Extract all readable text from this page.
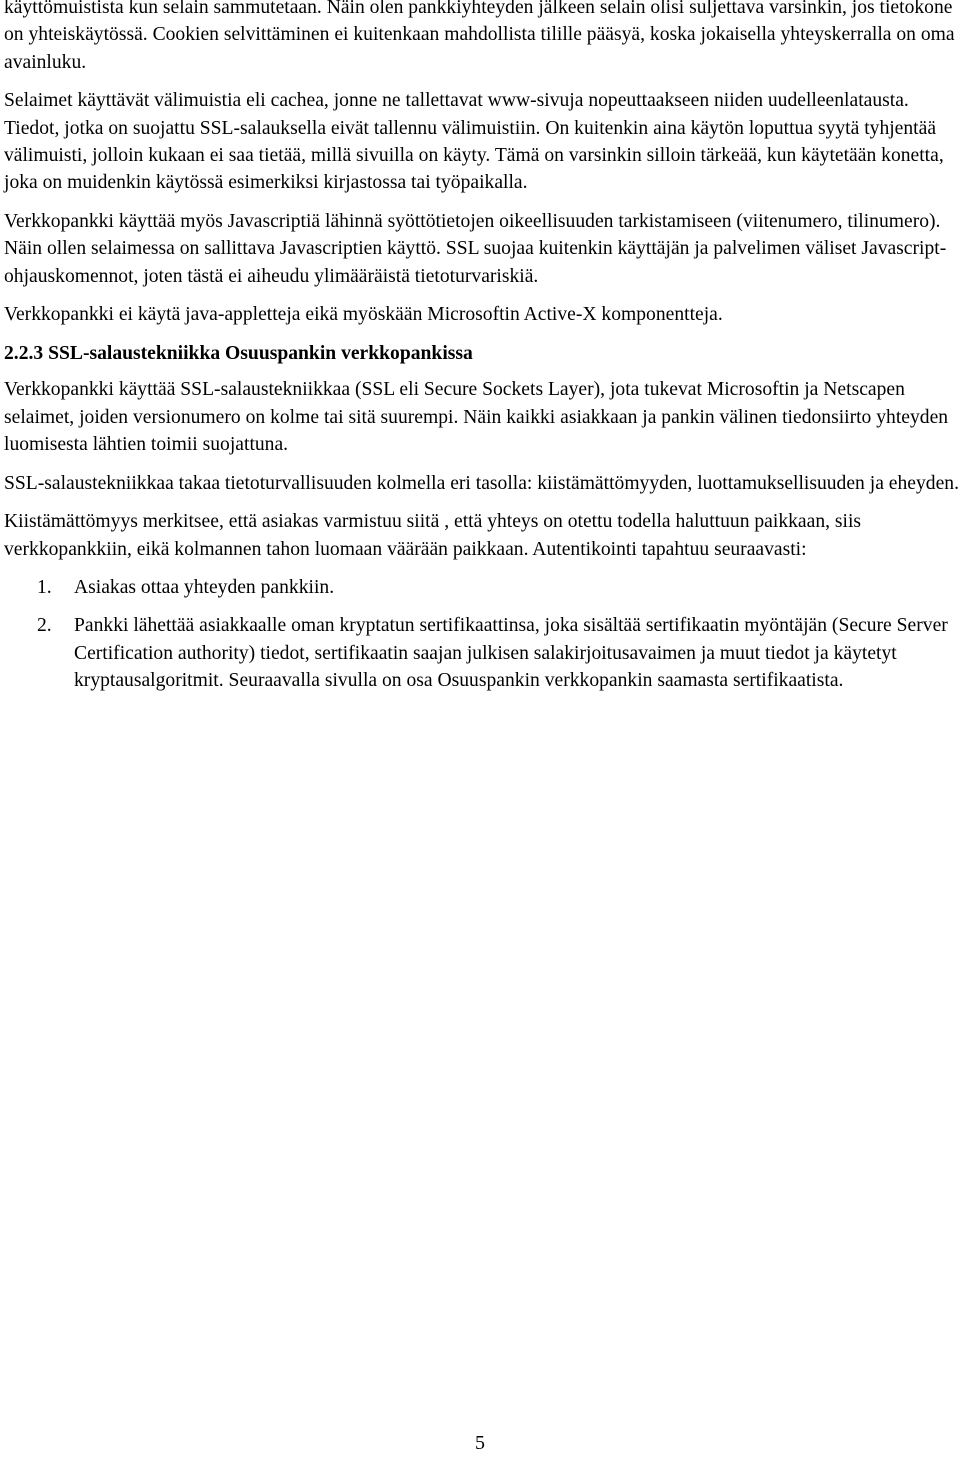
käyttömuistista kun selain sammutetaan. Näin olen pankkiyhteyden jälkeen selain olisi suljettava varsinkin, jos tietokone on yhteiskäytössä. Cookien selvittäminen ei kuitenkaan mahdollista tilille pääsyä, koska jokaisella yhteyskerralla on oma avainluku.

Selaimet käyttävät välimuistia eli cachea, jonne ne tallettavat www-sivuja nopeuttaakseen niiden uudelleenlatausta. Tiedot, jotka on suojattu SSL-salauksella eivät tallennu välimuistiin. On kuitenkin aina käytön loputtua syytä tyhjentää välimuisti, jolloin kukaan ei saa tietää, millä sivuilla on käyty. Tämä on varsinkin silloin tärkeää, kun käytetään konetta, joka on muidenkin käytössä esimerkiksi kirjastossa tai työpaikalla.

Verkkopankki käyttää myös Javascriptiä lähinnä syöttötietojen oikeellisuuden tarkistamiseen (viitenumero, tilinumero). Näin ollen selaimessa on sallittava Javascriptien käyttö. SSL suojaa kuitenkin käyttäjän ja palvelimen väliset Javascript-ohjauskomennot, joten tästä ei aiheudu ylimääräistä tietoturvariskiä.

Verkkopankki ei käytä java-appletteja eikä myöskään Microsoftin Active-X komponentteja.

2.2.3 SSL-salaustekniikka Osuuspankin verkkopankissa

Verkkopankki käyttää SSL-salaustekniikkaa (SSL eli Secure Sockets Layer), jota tukevat Microsoftin ja Netscapen selaimet, joiden versionumero on kolme tai sitä suurempi. Näin kaikki asiakkaan ja pankin välinen tiedonsiirto yhteyden luomisesta lähtien toimii suojattuna.

SSL-salaustekniikkaa takaa tietoturvallisuuden kolmella eri tasolla: kiistämättömyyden, luottamuksellisuuden ja eheyden.

Kiistämättömyys merkitsee, että asiakas varmistuu siitä , että yhteys on otettu todella haluttuun paikkaan, siis verkkopankkiin, eikä kolmannen tahon luomaan väärään paikkaan. Autentikointi tapahtuu seuraavasti:

1. Asiakas ottaa yhteyden pankkiin.
2. Pankki lähettää asiakkaalle oman kryptatun sertifikaattinsa, joka sisältää sertifikaatin myöntäjän (Secure Server Certification authority) tiedot, sertifikaatin saajan julkisen salakirjoitusavaimen ja muut tiedot ja käytetyt kryptausalgoritmit. Seuraavalla sivulla on osa Osuuspankin verkkopankin saamasta sertifikaatista.
5
